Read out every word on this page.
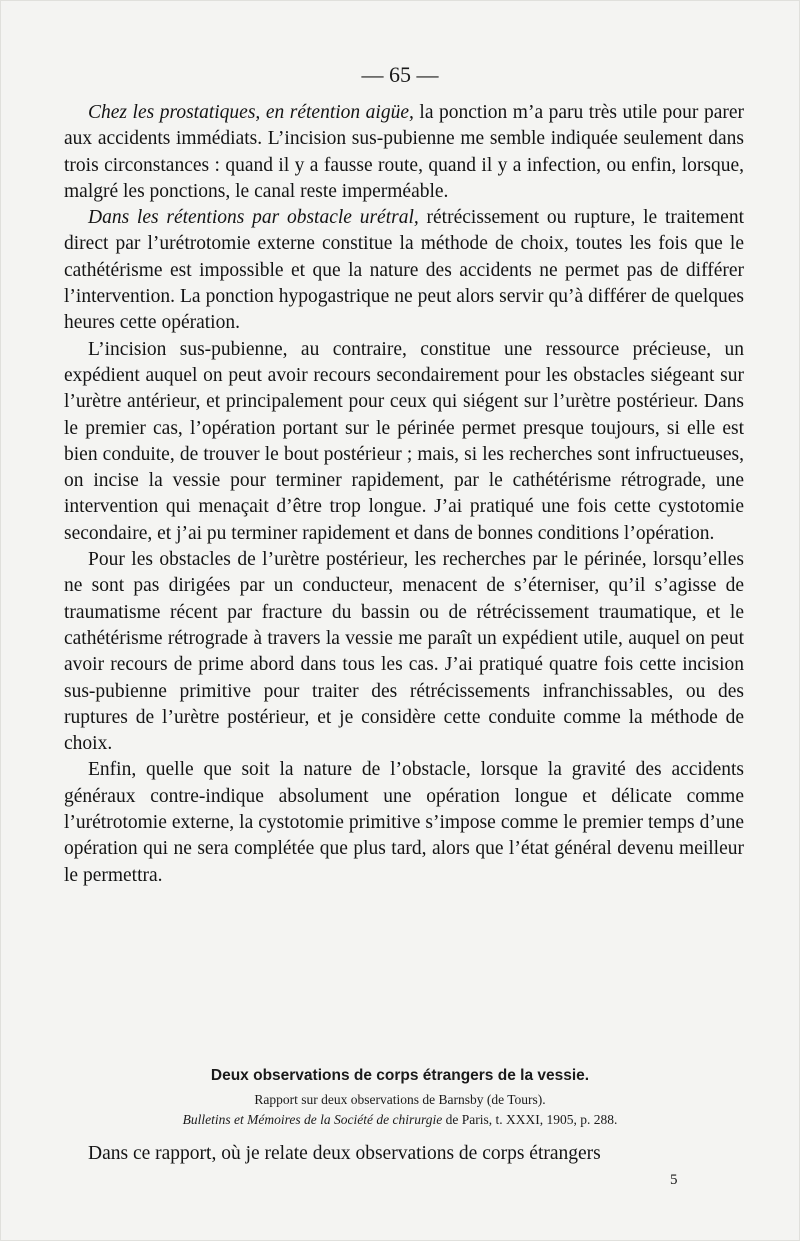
— 65 —

Chez les prostatiques, en rétention aigüe, la ponction m’a paru très utile pour parer aux accidents immédiats. L’incision sus-pubienne me semble indiquée seulement dans trois circonstances : quand il y a fausse route, quand il y a infection, ou enfin, lorsque, malgré les ponctions, le canal reste imperméable.

Dans les rétentions par obstacle urétral, rétrécissement ou rupture, le traitement direct par l’urétrotomie externe constitue la méthode de choix, toutes les fois que le cathétérisme est impossible et que la nature des accidents ne permet pas de différer l’intervention. La ponction hypogastrique ne peut alors servir qu’à différer de quelques heures cette opération.

L’incision sus-pubienne, au contraire, constitue une ressource précieuse, un expédient auquel on peut avoir recours secondairement pour les obstacles siégeant sur l’urètre antérieur, et principalement pour ceux qui siégent sur l’urètre postérieur. Dans le premier cas, l’opération portant sur le périnée permet presque toujours, si elle est bien conduite, de trouver le bout postérieur ; mais, si les recherches sont infructueuses, on incise la vessie pour terminer rapidement, par le cathétérisme rétrograde, une intervention qui menaçait d’être trop longue. J’ai pratiqué une fois cette cystotomie secondaire, et j’ai pu terminer rapidement et dans de bonnes conditions l’opération.

Pour les obstacles de l’urètre postérieur, les recherches par le périnée, lorsqu’elles ne sont pas dirigées par un conducteur, menacent de s’éterniser, qu’il s’agisse de traumatisme récent par fracture du bassin ou de rétrécissement traumatique, et le cathétérisme rétrograde à travers la vessie me paraît un expédient utile, auquel on peut avoir recours de prime abord dans tous les cas. J’ai pratiqué quatre fois cette incision sus-pubienne primitive pour traiter des rétrécissements infranchissables, ou des ruptures de l’urètre postérieur, et je considère cette conduite comme la méthode de choix.

Enfin, quelle que soit la nature de l’obstacle, lorsque la gravité des accidents généraux contre-indique absolument une opération longue et délicate comme l’urétrotomie externe, la cystotomie primitive s’impose comme le premier temps d’une opération qui ne sera complétée que plus tard, alors que l’état général devenu meilleur le permettra.

Deux observations de corps étrangers de la vessie.
Rapport sur deux observations de Barnsby (de Tours).
Bulletins et Mémoires de la Société de chirurgie de Paris, t. XXXI, 1905, p. 288.

Dans ce rapport, où je relate deux observations de corps étrangers

5
